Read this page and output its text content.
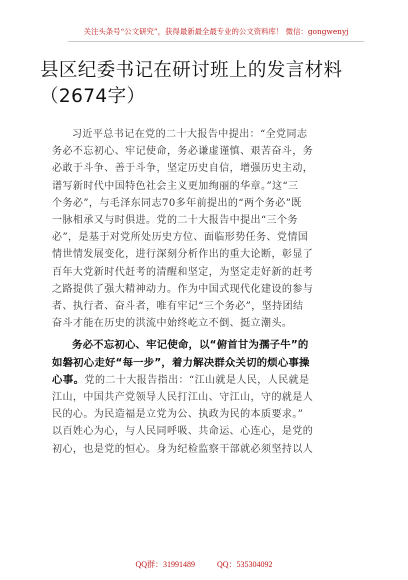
关注头条号“公文研究”，获得最新最全最专业的公文资料库！ 微信：gongwenyj
县区纪委书记在研讨班上的发言材料
（2674字）
习近平总书记在党的二十大报告中提出：“全党同志
务必不忘初心、牢记使命，务必谦虚谨慎、艰苦奋斗，务
必敢于斗争、善于斗争，坚定历史自信，增强历史主动，
谱写新时代中国特色社会主义更加绚丽的华章。”这“三
个务必”，与毛泽东同志70多年前提出的“两个务必”既
一脉相承又与时俱进。党的二十大报告中提出“三个务
必”，是基于对党所处历史方位、面临形势任务、党情国
情世情发展变化，进行深刻分析作出的重大论断，彰显了
百年大党新时代赶考的清醒和坚定，为坚定走好新的赶考
之路提供了强大精神动力。作为中国式现代化建设的参与
者、执行者、奋斗者，唯有牢记“三个务必”，坚持团结
奋斗才能在历史的洪流中始终屹立不倒、挺立潮头。
务必不忘初心、牢记使命，以“俯首甘为孺子牛”的
如磐初心走好“每一步”，着力解决群众关切的烦心事操
心事。党的二十大报告指出：“江山就是人民，人民就是
江山，中国共产党领导人民打江山、守江山，守的就是人
民的心。为民造福是立党为公、执政为民的本质要求。”
以百姓心为心，与人民同呼吸、共命运、心连心，是党的
初心，也是党的恒心。身为纪检监察干部就必须坚持以人
QQ群：31991489	QQ：535304092
